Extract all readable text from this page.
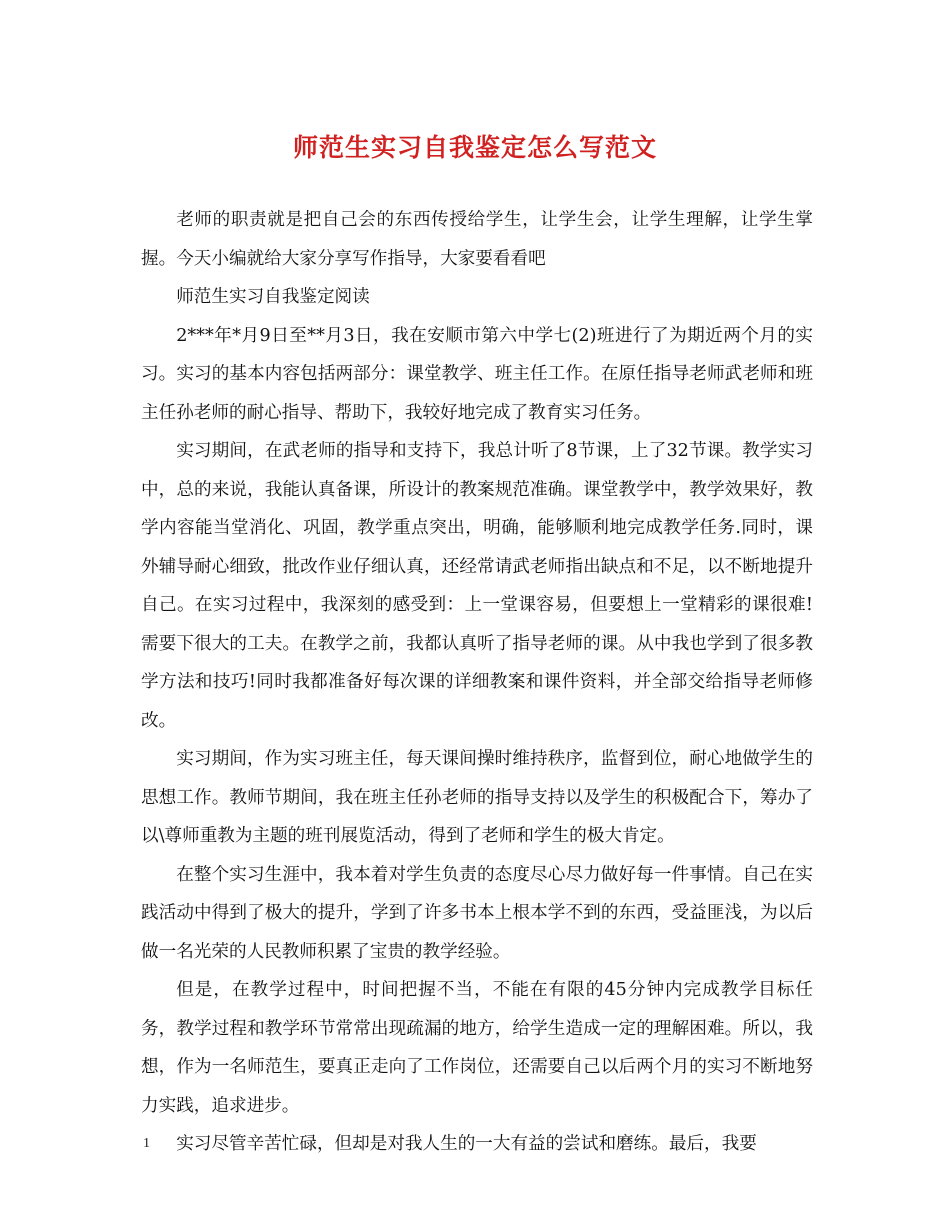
师范生实习自我鉴定怎么写范文

老师的职责就是把自己会的东西传授给学生，让学生会，让学生理解，让学生掌握。今天小编就给大家分享写作指导，大家要看看吧

师范生实习自我鉴定阅读

2***年*月9日至**月3日，我在安顺市第六中学七(2)班进行了为期近两个月的实习。实习的基本内容包括两部分：课堂教学、班主任工作。在原任指导老师武老师和班主任孙老师的耐心指导、帮助下，我较好地完成了教育实习任务。

实习期间，在武老师的指导和支持下，我总计听了8节课，上了32节课。教学实习中，总的来说，我能认真备课，所设计的教案规范准确。课堂教学中，教学效果好，教学内容能当堂消化、巩固，教学重点突出，明确，能够顺利地完成教学任务.同时，课外辅导耐心细致，批改作业仔细认真，还经常请武老师指出缺点和不足，以不断地提升自己。在实习过程中，我深刻的感受到：上一堂课容易，但要想上一堂精彩的课很难!需要下很大的工夫。在教学之前，我都认真听了指导老师的课。从中我也学到了很多教学方法和技巧!同时我都准备好每次课的详细教案和课件资料，并全部交给指导老师修改。

实习期间，作为实习班主任，每天课间操时维持秩序，监督到位，耐心地做学生的思想工作。教师节期间，我在班主任孙老师的指导支持以及学生的积极配合下，筹办了以\尊师重教为主题的班刊展览活动，得到了老师和学生的极大肯定。

在整个实习生涯中，我本着对学生负责的态度尽心尽力做好每一件事情。自己在实践活动中得到了极大的提升，学到了许多书本上根本学不到的东西，受益匪浅，为以后做一名光荣的人民教师积累了宝贵的教学经验。

但是，在教学过程中，时间把握不当，不能在有限的45分钟内完成教学目标任务，教学过程和教学环节常常出现疏漏的地方，给学生造成一定的理解困难。所以，我想，作为一名师范生，要真正走向了工作岗位，还需要自己以后两个月的实习不断地努力实践，追求进步。

实习尽管辛苦忙碌，但却是对我人生的一大有益的尝试和磨练。最后，我要

1
